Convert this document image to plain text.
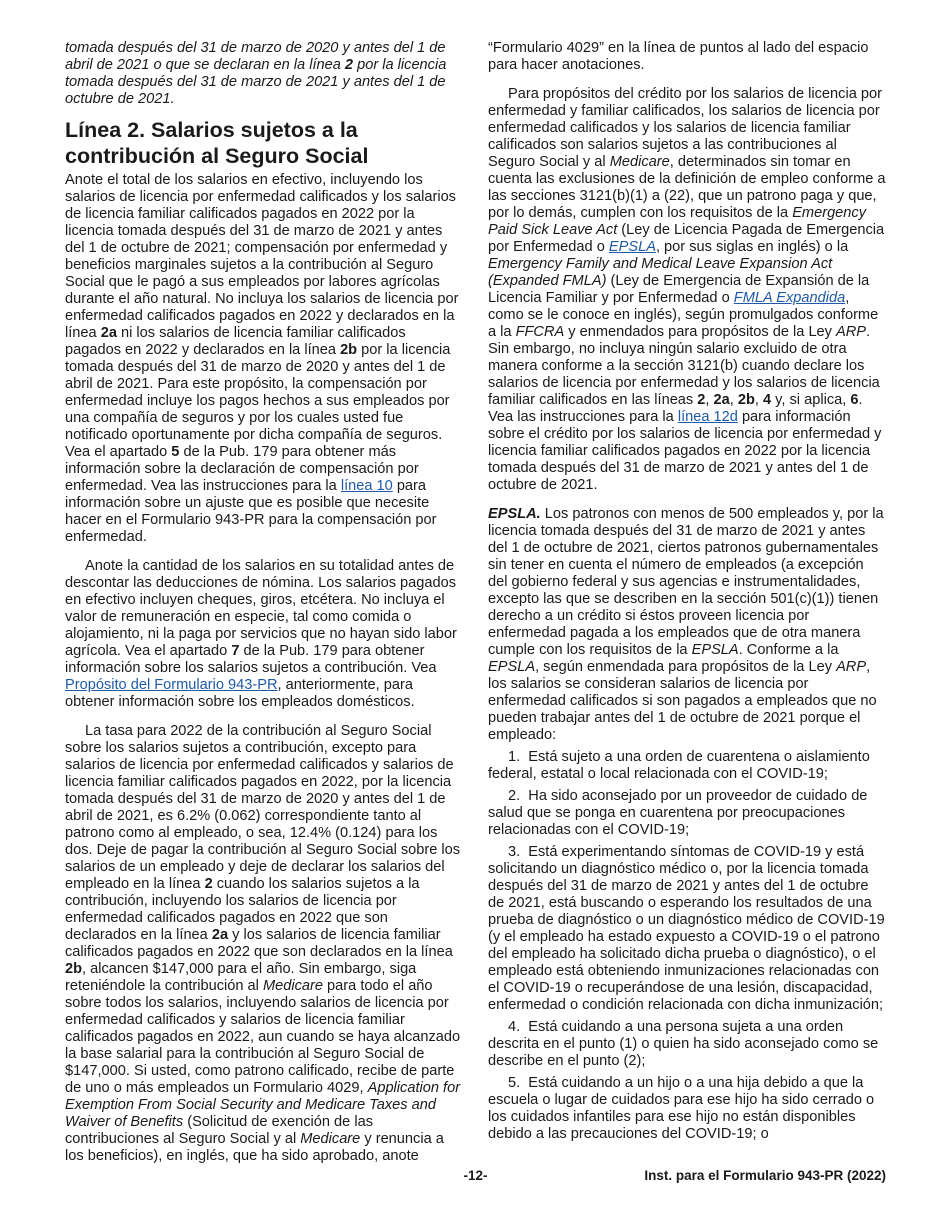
tomada después del 31 de marzo de 2020 y antes del 1 de abril de 2021 o que se declaran en la línea 2 por la licencia tomada después del 31 de marzo de 2021 y antes del 1 de octubre de 2021.

Línea 2. Salarios sujetos a la contribución al Seguro Social

Anote el total de los salarios en efectivo, incluyendo los salarios de licencia por enfermedad calificados y los salarios de licencia familiar calificados pagados en 2022 por la licencia tomada después del 31 de marzo de 2021 y antes del 1 de octubre de 2021; compensación por enfermedad y beneficios marginales sujetos a la contribución al Seguro Social que le pagó a sus empleados por labores agrícolas durante el año natural. No incluya los salarios de licencia por enfermedad calificados pagados en 2022 y declarados en la línea 2a ni los salarios de licencia familiar calificados pagados en 2022 y declarados en la línea 2b por la licencia tomada después del 31 de marzo de 2020 y antes del 1 de abril de 2021. Para este propósito, la compensación por enfermedad incluye los pagos hechos a sus empleados por una compañía de seguros y por los cuales usted fue notificado oportunamente por dicha compañía de seguros. Vea el apartado 5 de la Pub. 179 para obtener más información sobre la declaración de compensación por enfermedad. Vea las instrucciones para la línea 10 para información sobre un ajuste que es posible que necesite hacer en el Formulario 943-PR para la compensación por enfermedad.

Anote la cantidad de los salarios en su totalidad antes de descontar las deducciones de nómina. Los salarios pagados en efectivo incluyen cheques, giros, etcétera. No incluya el valor de remuneración en especie, tal como comida o alojamiento, ni la paga por servicios que no hayan sido labor agrícola. Vea el apartado 7 de la Pub. 179 para obtener información sobre los salarios sujetos a contribución. Vea Propósito del Formulario 943-PR, anteriormente, para obtener información sobre los empleados domésticos.

La tasa para 2022 de la contribución al Seguro Social sobre los salarios sujetos a contribución, excepto para salarios de licencia por enfermedad calificados y salarios de licencia familiar calificados pagados en 2022, por la licencia tomada después del 31 de marzo de 2020 y antes del 1 de abril de 2021, es 6.2% (0.062) correspondiente tanto al patrono como al empleado, o sea, 12.4% (0.124) para los dos. Deje de pagar la contribución al Seguro Social sobre los salarios de un empleado y deje de declarar los salarios del empleado en la línea 2 cuando los salarios sujetos a la contribución, incluyendo los salarios de licencia por enfermedad calificados pagados en 2022 que son declarados en la línea 2a y los salarios de licencia familiar calificados pagados en 2022 que son declarados en la línea 2b, alcancen $147,000 para el año. Sin embargo, siga reteniéndole la contribución al Medicare para todo el año sobre todos los salarios, incluyendo salarios de licencia por enfermedad calificados y salarios de licencia familiar calificados pagados en 2022, aun cuando se haya alcanzado la base salarial para la contribución al Seguro Social de $147,000. Si usted, como patrono calificado, recibe de parte de uno o más empleados un Formulario 4029, Application for Exemption From Social Security and Medicare Taxes and Waiver of Benefits (Solicitud de exención de las contribuciones al Seguro Social y al Medicare y renuncia a los beneficios), en inglés, que ha sido aprobado, anote

“Formulario 4029” en la línea de puntos al lado del espacio para hacer anotaciones.

Para propósitos del crédito por los salarios de licencia por enfermedad y familiar calificados, los salarios de licencia por enfermedad calificados y los salarios de licencia familiar calificados son salarios sujetos a las contribuciones al Seguro Social y al Medicare, determinados sin tomar en cuenta las exclusiones de la definición de empleo conforme a las secciones 3121(b)(1) a (22), que un patrono paga y que, por lo demás, cumplen con los requisitos de la Emergency Paid Sick Leave Act (Ley de Licencia Pagada de Emergencia por Enfermedad o EPSLA, por sus siglas en inglés) o la Emergency Family and Medical Leave Expansion Act (Expanded FMLA) (Ley de Emergencia de Expansión de la Licencia Familiar y por Enfermedad o FMLA Expandida, como se le conoce en inglés), según promulgados conforme a la FFCRA y enmendados para propósitos de la Ley ARP. Sin embargo, no incluya ningún salario excluido de otra manera conforme a la sección 3121(b) cuando declare los salarios de licencia por enfermedad y los salarios de licencia familiar calificados en las líneas 2, 2a, 2b, 4 y, si aplica, 6. Vea las instrucciones para la línea 12d para información sobre el crédito por los salarios de licencia por enfermedad y licencia familiar calificados pagados en 2022 por la licencia tomada después del 31 de marzo de 2021 y antes del 1 de octubre de 2021.

EPSLA. Los patronos con menos de 500 empleados y, por la licencia tomada después del 31 de marzo de 2021 y antes del 1 de octubre de 2021, ciertos patronos gubernamentales sin tener en cuenta el número de empleados (a excepción del gobierno federal y sus agencias e instrumentalidades, excepto las que se describen en la sección 501(c)(1)) tienen derecho a un crédito si éstos proveen licencia por enfermedad pagada a los empleados que de otra manera cumple con los requisitos de la EPSLA. Conforme a la EPSLA, según enmendada para propósitos de la Ley ARP, los salarios se consideran salarios de licencia por enfermedad calificados si son pagados a empleados que no pueden trabajar antes del 1 de octubre de 2021 porque el empleado:

1.  Está sujeto a una orden de cuarentena o aislamiento federal, estatal o local relacionada con el COVID-19;

2.  Ha sido aconsejado por un proveedor de cuidado de salud que se ponga en cuarentena por preocupaciones relacionadas con el COVID-19;

3.  Está experimentando síntomas de COVID-19 y está solicitando un diagnóstico médico o, por la licencia tomada después del 31 de marzo de 2021 y antes del 1 de octubre de 2021, está buscando o esperando los resultados de una prueba de diagnóstico o un diagnóstico médico de COVID-19 (y el empleado ha estado expuesto a COVID-19 o el patrono del empleado ha solicitado dicha prueba o diagnóstico), o el empleado está obteniendo inmunizaciones relacionadas con el COVID-19 o recuperándose de una lesión, discapacidad, enfermedad o condición relacionada con dicha inmunización;

4.  Está cuidando a una persona sujeta a una orden descrita en el punto (1) o quien ha sido aconsejado como se describe en el punto (2);

5.  Está cuidando a un hijo o a una hija debido a que la escuela o lugar de cuidados para ese hijo ha sido cerrado o los cuidados infantiles para ese hijo no están disponibles debido a las precauciones del COVID-19; o

-12-	Inst. para el Formulario 943-PR (2022)
